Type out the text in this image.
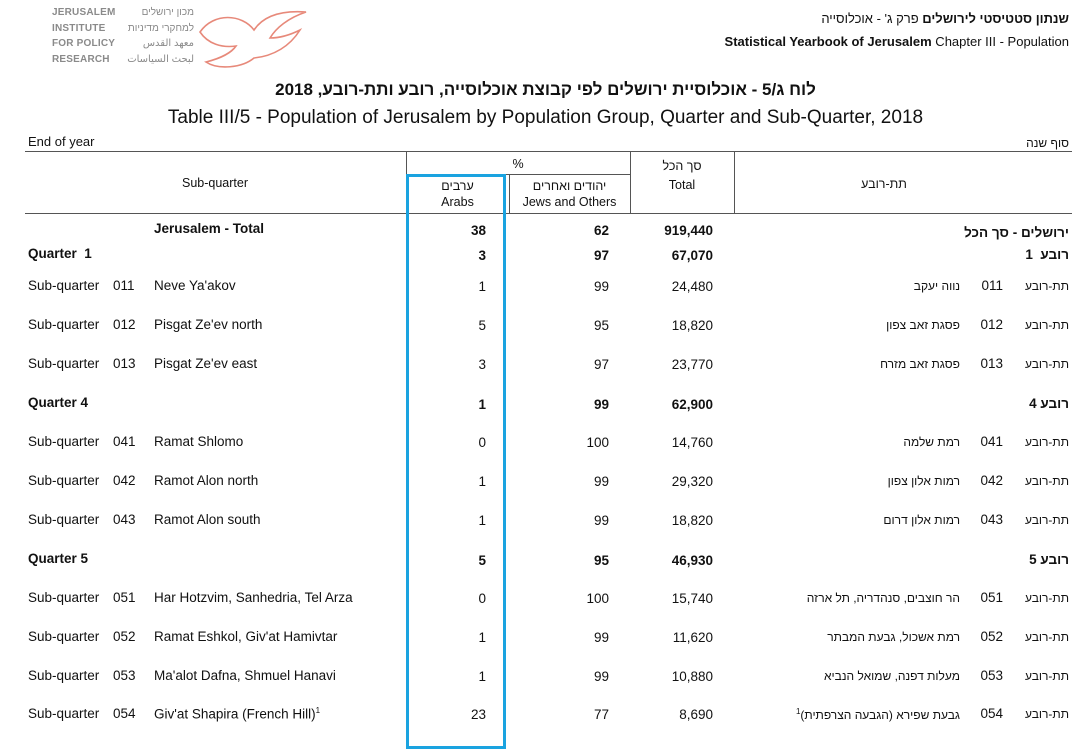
JERUSALEM
INSTITUTE
FOR POLICY
RESEARCH
מכון ירושלים
למחקרי מדיניות
معهد القدس
لبحث السياسات
שנתון סטטיסטי לירושלים פרק ג' - אוכלוסייה
Statistical Yearbook of Jerusalem Chapter III - Population
לוח ג/5 - אוכלוסיית ירושלים לפי קבוצת אוכלוסייה, רובע ותת-רובע, 2018
Table III/5 - Population of Jerusalem by Population Group, Quarter and Sub-Quarter, 2018
End of year	סוף שנה
Sub-quarter
%
ערבים
Arabs
יהודים ואחרים
Jews and Others
סך הכל
Total	תת-רובע
Jerusalem - Total	38	62	919,440	ירושלים - סך הכל
Quarter  1	3	97	67,070	רובע  1
Sub-quarter 011 Neve Ya'akov	1	99	24,480	נווה יעקב 011 תת-רובע
Sub-quarter 012 Pisgat Ze'ev north	5	95	18,820	פסגת זאב צפון 012 תת-רובע
Sub-quarter 013 Pisgat Ze'ev east	3	97	23,770	פסגת זאב מזרח 013 תת-רובע
Quarter 4	1	99	62,900	רובע 4
Sub-quarter 041 Ramat Shlomo	0	100	14,760	רמת שלמה 041 תת-רובע
Sub-quarter 042 Ramot Alon north	1	99	29,320	רמות אלון צפון 042 תת-רובע
Sub-quarter 043 Ramot Alon south	1	99	18,820	רמות אלון דרום 043 תת-רובע
Quarter 5	5	95	46,930	רובע 5
Sub-quarter 051 Har Hotzvim, Sanhedria, Tel Arza	0	100	15,740	הר חוצבים, סנהדריה, תל ארזה 051 תת-רובע
Sub-quarter 052 Ramat Eshkol, Giv'at Hamivtar	1	99	11,620	רמת אשכול, גבעת המבתר 052 תת-רובע
Sub-quarter 053 Ma'alot Dafna, Shmuel Hanavi	1	99	10,880	מעלות דפנה, שמואל הנביא 053 תת-רובע
Sub-quarter 054 Giv'at Shapira (French Hill)$^1$	23	77	8,690	גבעת שפירא (הגבעה הצרפתית)$^1$	054 תת-רובע
